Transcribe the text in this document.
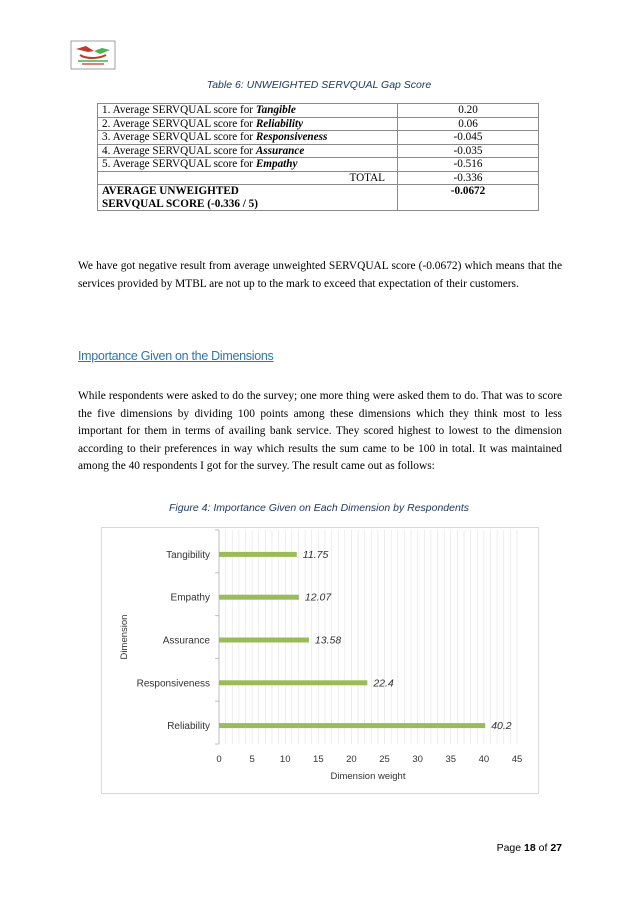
Table 6: UNWEIGHTED SERVQUAL Gap Score
1. Average SERVQUAL score for Tangible	0.20
2. Average SERVQUAL score for Reliability	0.06
3. Average SERVQUAL score for Responsiveness	-0.045
4. Average SERVQUAL score for Assurance	-0.035
5. Average SERVQUAL score for Empathy	-0.516
TOTAL	-0.336

AVERAGE UNWEIGHTED
SERVQUAL SCORE (-0.336 / 5)	-0.0672
We have got negative result from average unweighted SERVQUAL score (-0.0672) which means that the services provided by MTBL are not up to the mark to exceed that expectation of their customers.
Importance Given on the Dimensions
While respondents were asked to do the survey; one more thing were asked them to do. That was to score the five dimensions by dividing 100 points among these dimensions which they think most to less important for them in terms of availing bank service. They scored highest to lowest to the dimension according to their preferences in way which results the sum came to be 100 in total. It was maintained among the 40 respondents I got for the survey. The result came out as follows:
Figure 4: Importance Given on Each Dimension by Respondents
Tangibility	11.75
Empathy	12.07
Assurance	13.58
Responsiveness	22.4
Reliability	40.2
0	5	10 15 20 25 30 35 40 45
Dimension weight
Dimension
Page 18 of 27
